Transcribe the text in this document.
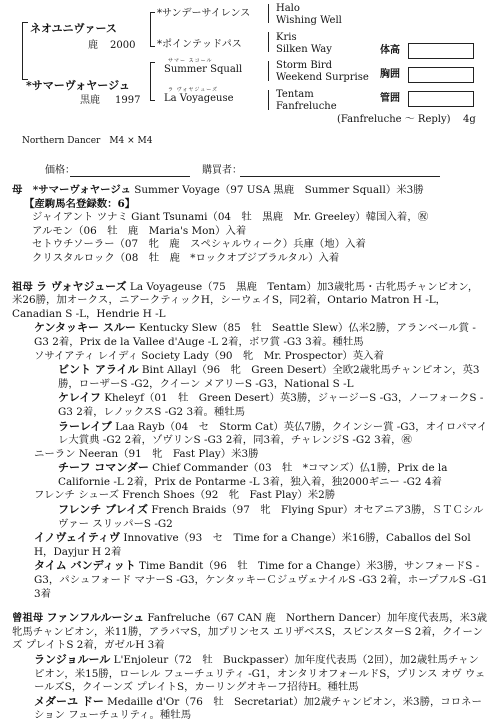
ネオユニヴァース
鹿 2000
*サマーヴォヤージュ
黒鹿 1997
*サンデーサイレンス
*ポインテッドパス
サマー スコール
Summer Squall
ラ ヴォヤジューズ
La Voyageuse
Halo
Wishing Well
Kris
Silken Way
Storm Bird
Weekend Surprise
Tentam
Fanfreluche
体高
胸囲
管囲
(Fanfreluche ～ Reply) 4g
Northern Dancer　M4 × M4
価格：	購買者：
母　*サマーヴォヤージュ Summer Voyage（97 USA 黒鹿　Summer Squall）米3勝
【産駒馬名登録数：6】
ジャイアント ツナミ Giant Tsunami（04　牡　黒鹿　Mr. Greeley）韓国入着，㊗
アルモン（06　牡　鹿　Maria's Mon）入着
セトウチソーラー（07　牝　鹿　スペシャルウィーク）兵庫（地）入着
クリスタルロック（08　牡　鹿　*ロックオブジブラルタル）入着
祖母 ラ ヴォヤジューズ La Voyageuse（75　黒鹿　Tentam）加3歳牝馬・古牝馬チャンピオン，米26勝，加オークス，ニアークティックH，シーウェイS，同2着，Ontario Matron H -L，Canadian S -L，Hendrie H -L
ケンタッキー スルー Kentucky Slew（85　牡　Seattle Slew）仏米2勝，アランベール賞 -G3 2着，Prix de la Vallee d'Auge -L 2着，ボワ賞 -G3 3着。種牡馬
ソサイアティ レイディ Society Lady（90　牝　Mr. Prospector）英入着
ビント アライル Bint Allayl（96　牝　Green Desert）全欧2歳牝馬チャンピオン，英3勝，ローザーS -G2，クイーン メアリーS -G3，National S -L
ケレイフ Kheleyf（01　牡　Green Desert）英3勝，ジャージーS -G3，ノーフォークS -G3 2着，レノックスS -G2 3着。種牡馬
ラーレイブ Laa Rayb（04　セ　Storm Cat）英仏7勝，クインシー賞 -G3，オイロパマイレ大賞典 -G2 2着，ゾヴリンS -G3 2着，同3着，チャレンジS -G2 3着，㊗
ニーラン Neeran（91　牝　Fast Play）米3勝
チーフ コマンダー Chief Commander（03　牡　*コマンズ）仏1勝，Prix de la Californie -L 2着，Prix de Pontarme -L 3着，独入着，独2000ギニー -G2 4着
フレンチ シューズ French Shoes（92　牝　Fast Play）米2勝
フレンチ ブレイズ French Braids（97　牝　Flying Spur）オセアニア3勝，ＳＴＣシルヴァー スリッパーS -G2
イノヴェイティヴ Innovative（93　セ　Time for a Change）米16勝，Caballos del Sol H，Dayjur H 2着
タイム バンディット Time Bandit（96　牡　Time for a Change）米3勝，サンフォードS -G3，パシュフォード マナーS -G3，ケンタッキーＣジュヴェナイルS -G3 2着，ホープフルS -G1 3着
曾祖母 ファンフルルーシュ Fanfreluche（67 CAN 鹿　Northern Dancer）加年度代表馬，米3歳牝馬チャンピオン，米11勝，アラバマS，加プリンセス エリザベスS，スピンスターS 2着，クイーンズ プレイトS 2着，ガゼルH 3着
ランジョルール L'Enjoleur（72　牡　Buckpasser）加年度代表馬（2回），加2歳牡馬チャンピオン，米15勝，ローレル フューチュリティ -G1，オンタリオフォールドS，プリンス オヴ ウェールズS，クイーンズ プレイトS，カーリングオキーフ招待H。種牡馬
メダーユ ドー Medaille d'Or（76　牡　Secretariat）加2歳チャンピオン，米3勝，コロネーション フューチュリティ。種牡馬
